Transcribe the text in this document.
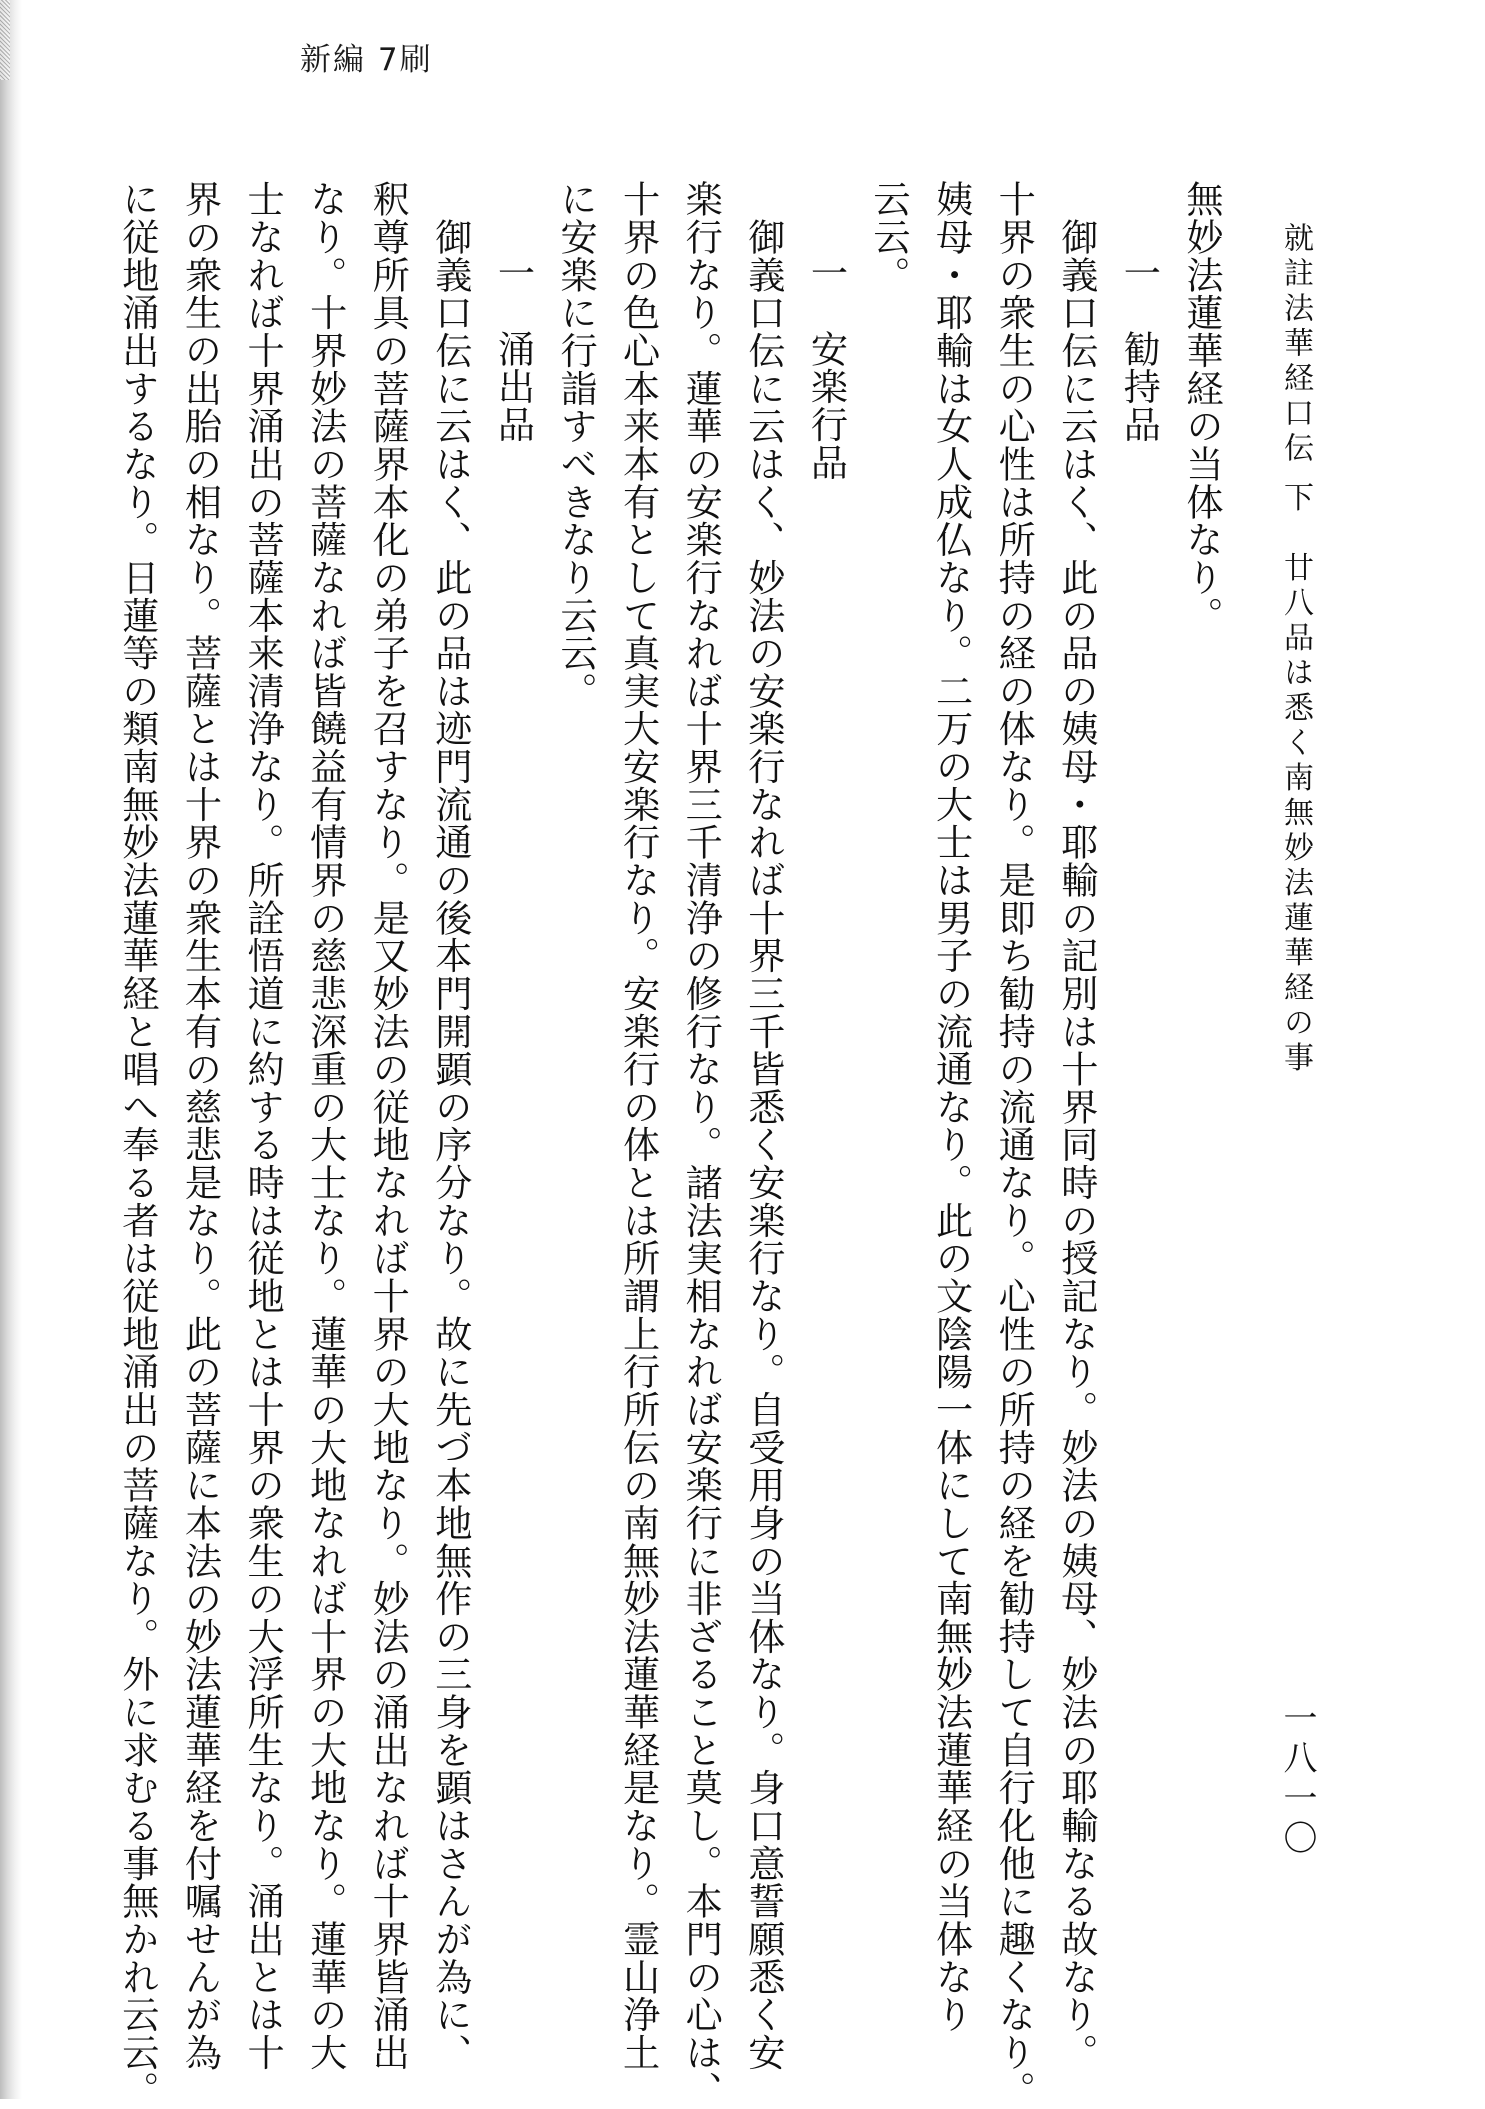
新編 7刷
就註法華経口伝 下　廿八品は悉く南無妙法蓮華経の事
一八一〇
無妙法蓮華経の当体なり。
一　勧持品
　御義口伝に云はく、此の品の姨母・耶輸の記別は十界同時の授記なり。妙法の姨母、妙法の耶輸なる故なり。
十界の衆生の心性は所持の経の体なり。是即ち勧持の流通なり。心性の所持の経を勧持して自行化他に趣くなり。
姨母・耶輸は女人成仏なり。二万の大士は男子の流通なり。此の文陰陽一体にして南無妙法蓮華経の当体なり
云云。
一　安楽行品
　御義口伝に云はく、妙法の安楽行なれば十界三千皆悉く安楽行なり。自受用身の当体なり。身口意誓願悉く安
楽行なり。蓮華の安楽行なれば十界三千清浄の修行なり。諸法実相なれば安楽行に非ざること莫し。本門の心は、
十界の色心本来本有として真実大安楽行なり。安楽行の体とは所謂上行所伝の南無妙法蓮華経是なり。霊山浄土
に安楽に行詣すべきなり云云。
一　涌出品
　御義口伝に云はく、此の品は迹門流通の後本門開顕の序分なり。故に先づ本地無作の三身を顕はさんが為に、
釈尊所具の菩薩界本化の弟子を召すなり。是又妙法の従地なれば十界の大地なり。妙法の涌出なれば十界皆涌出
なり。十界妙法の菩薩なれば皆饒益有情界の慈悲深重の大士なり。蓮華の大地なれば十界の大地なり。蓮華の大
士なれば十界涌出の菩薩本来清浄なり。所詮悟道に約する時は従地とは十界の衆生の大浮所生なり。涌出とは十
界の衆生の出胎の相なり。菩薩とは十界の衆生本有の慈悲是なり。此の菩薩に本法の妙法蓮華経を付嘱せんが為
に従地涌出するなり。日蓮等の類南無妙法蓮華経と唱へ奉る者は従地涌出の菩薩なり。外に求むる事無かれ云云。
